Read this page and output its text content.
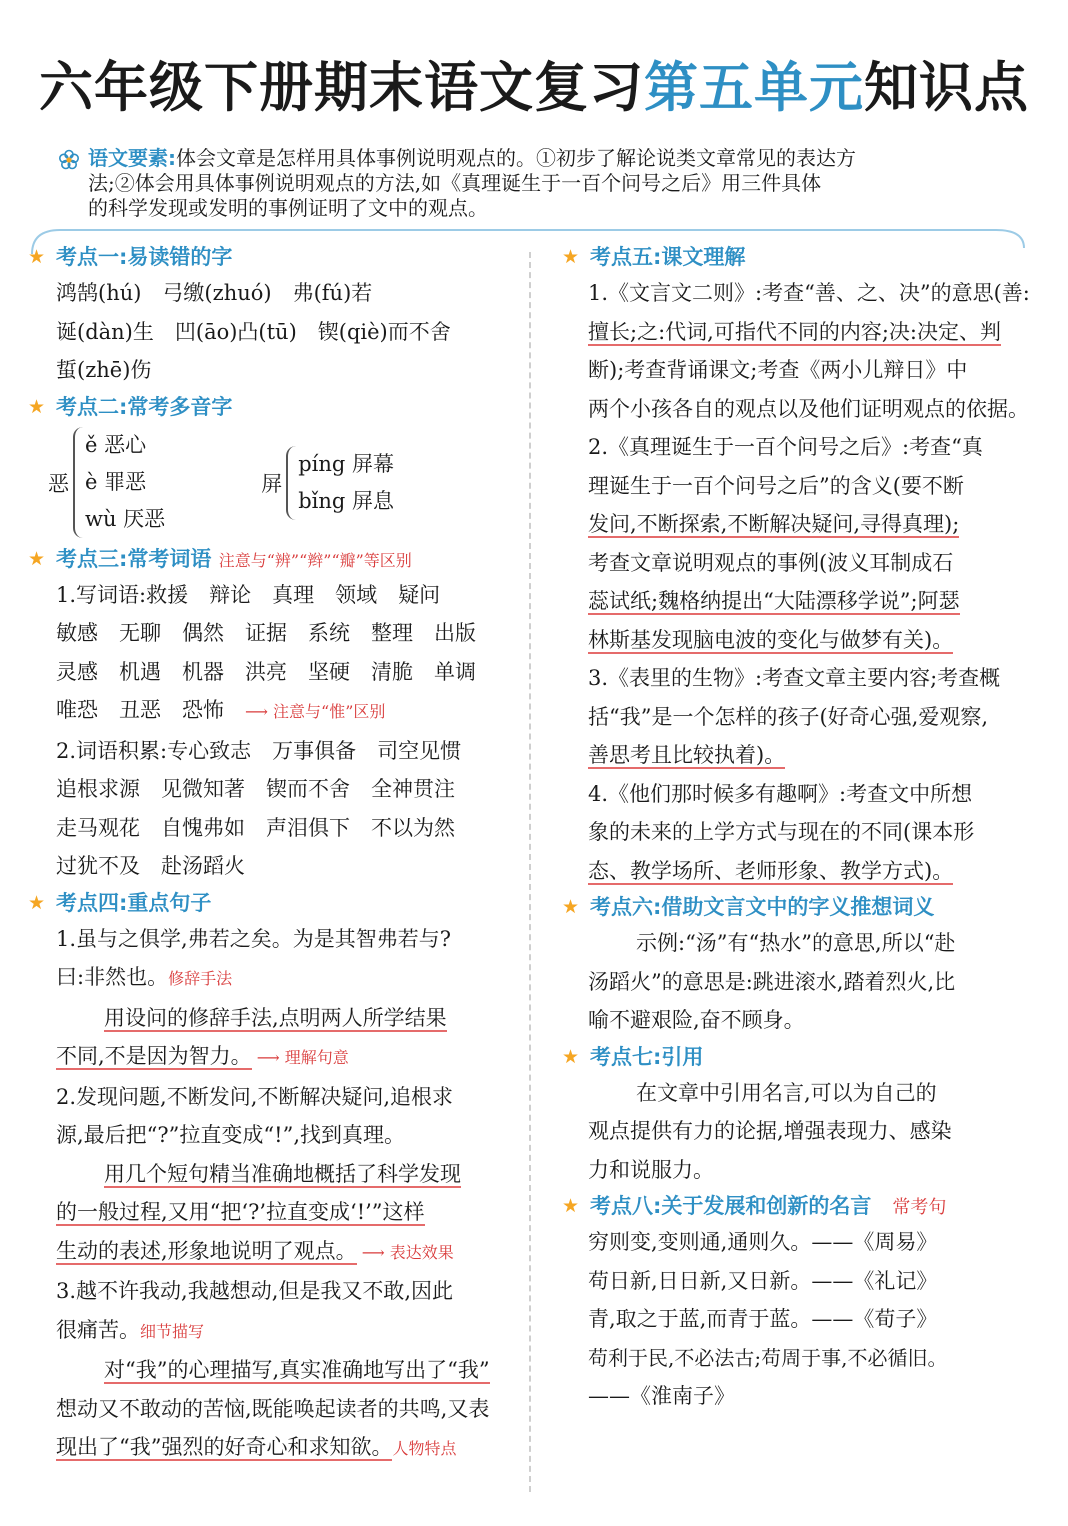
六年级下册期末语文复习第五单元知识点

语文要素:体会文章是怎样用具体事例说明观点的。①初步了解论说类文章常见的表达方

法;②体会用具体事例说明观点的方法,如《真理诞生于一百个问号之后》用三件具体

的科学发现或发明的事例证明了文中的观点。

★ 考点一:易读错的字
鸿鹄(hú)　弓缴(zhuó)　弗(fú)若
诞(dàn)生　凹(āo)凸(tū)　锲(qiè)而不舍
蜇(zhē)伤
★ 考点二:常考多音字
恶
ě 恶心
è 罪恶
wù 厌恶
屏
píng 屏幕
bǐng 屏息
★ 考点三:常考词语 注意与“辨”“辫”“瓣”等区别
1.写词语:救援　辩论　真理　领域　疑问
敏感　无聊　偶然　证据　系统　整理　出版
灵感　机遇　机器　洪亮　坚硬　清脆　单调
唯恐　丑恶　恐怖　 ⟶ 注意与“惟”区别
2.词语积累:专心致志　万事俱备　司空见惯
追根求源　见微知著　锲而不舍　全神贯注
走马观花　自愧弗如　声泪俱下　不以为然
过犹不及　赴汤蹈火
★ 考点四:重点句子
1.虽与之俱学,弗若之矣。为是其智弗若与?
曰:非然也。修辞手法
用设问的修辞手法,点明两人所学结果
不同,不是因为智力。 ⟶ 理解句意
2.发现问题,不断发问,不断解决疑问,追根求
源,最后把“?”拉直变成“!”,找到真理。
用几个短句精当准确地概括了科学发现
的一般过程,又用“把‘?’拉直变成‘!’”这样
生动的表述,形象地说明了观点。 ⟶ 表达效果
3.越不许我动,我越想动,但是我又不敢,因此
很痛苦。细节描写
对“我”的心理描写,真实准确地写出了“我”
想动又不敢动的苦恼,既能唤起读者的共鸣,又表
现出了“我”强烈的好奇心和求知欲。人物特点
★ 考点五:课文理解
1.《文言文二则》:考查“善、之、决”的意思(善:
擅长;之:代词,可指代不同的内容;决:决定、判
断);考查背诵课文;考查《两小儿辩日》中
两个小孩各自的观点以及他们证明观点的依据。
2.《真理诞生于一百个问号之后》:考查“真
理诞生于一百个问号之后”的含义(要不断
发问,不断探索,不断解决疑问,寻得真理);
考查文章说明观点的事例(波义耳制成石
蕊试纸;魏格纳提出“大陆漂移学说”;阿瑟
林斯基发现脑电波的变化与做梦有关)。
3.《表里的生物》:考查文章主要内容;考查概
括“我”是一个怎样的孩子(好奇心强,爱观察,
善思考且比较执着)。
4.《他们那时候多有趣啊》:考查文中所想
象的未来的上学方式与现在的不同(课本形
态、教学场所、老师形象、教学方式)。
★ 考点六:借助文言文中的字义推想词义
示例:“汤”有“热水”的意思,所以“赴
汤蹈火”的意思是:跳进滚水,踏着烈火,比
喻不避艰险,奋不顾身。
★ 考点七:引用
在文章中引用名言,可以为自己的
观点提供有力的论据,增强表现力、感染
力和说服力。
★ 考点八:关于发展和创新的名言　 常考句
穷则变,变则通,通则久。——《周易》
苟日新,日日新,又日新。——《礼记》
青,取之于蓝,而青于蓝。——《荀子》
苟利于民,不必法古;苟周于事,不必循旧。
——《淮南子》
